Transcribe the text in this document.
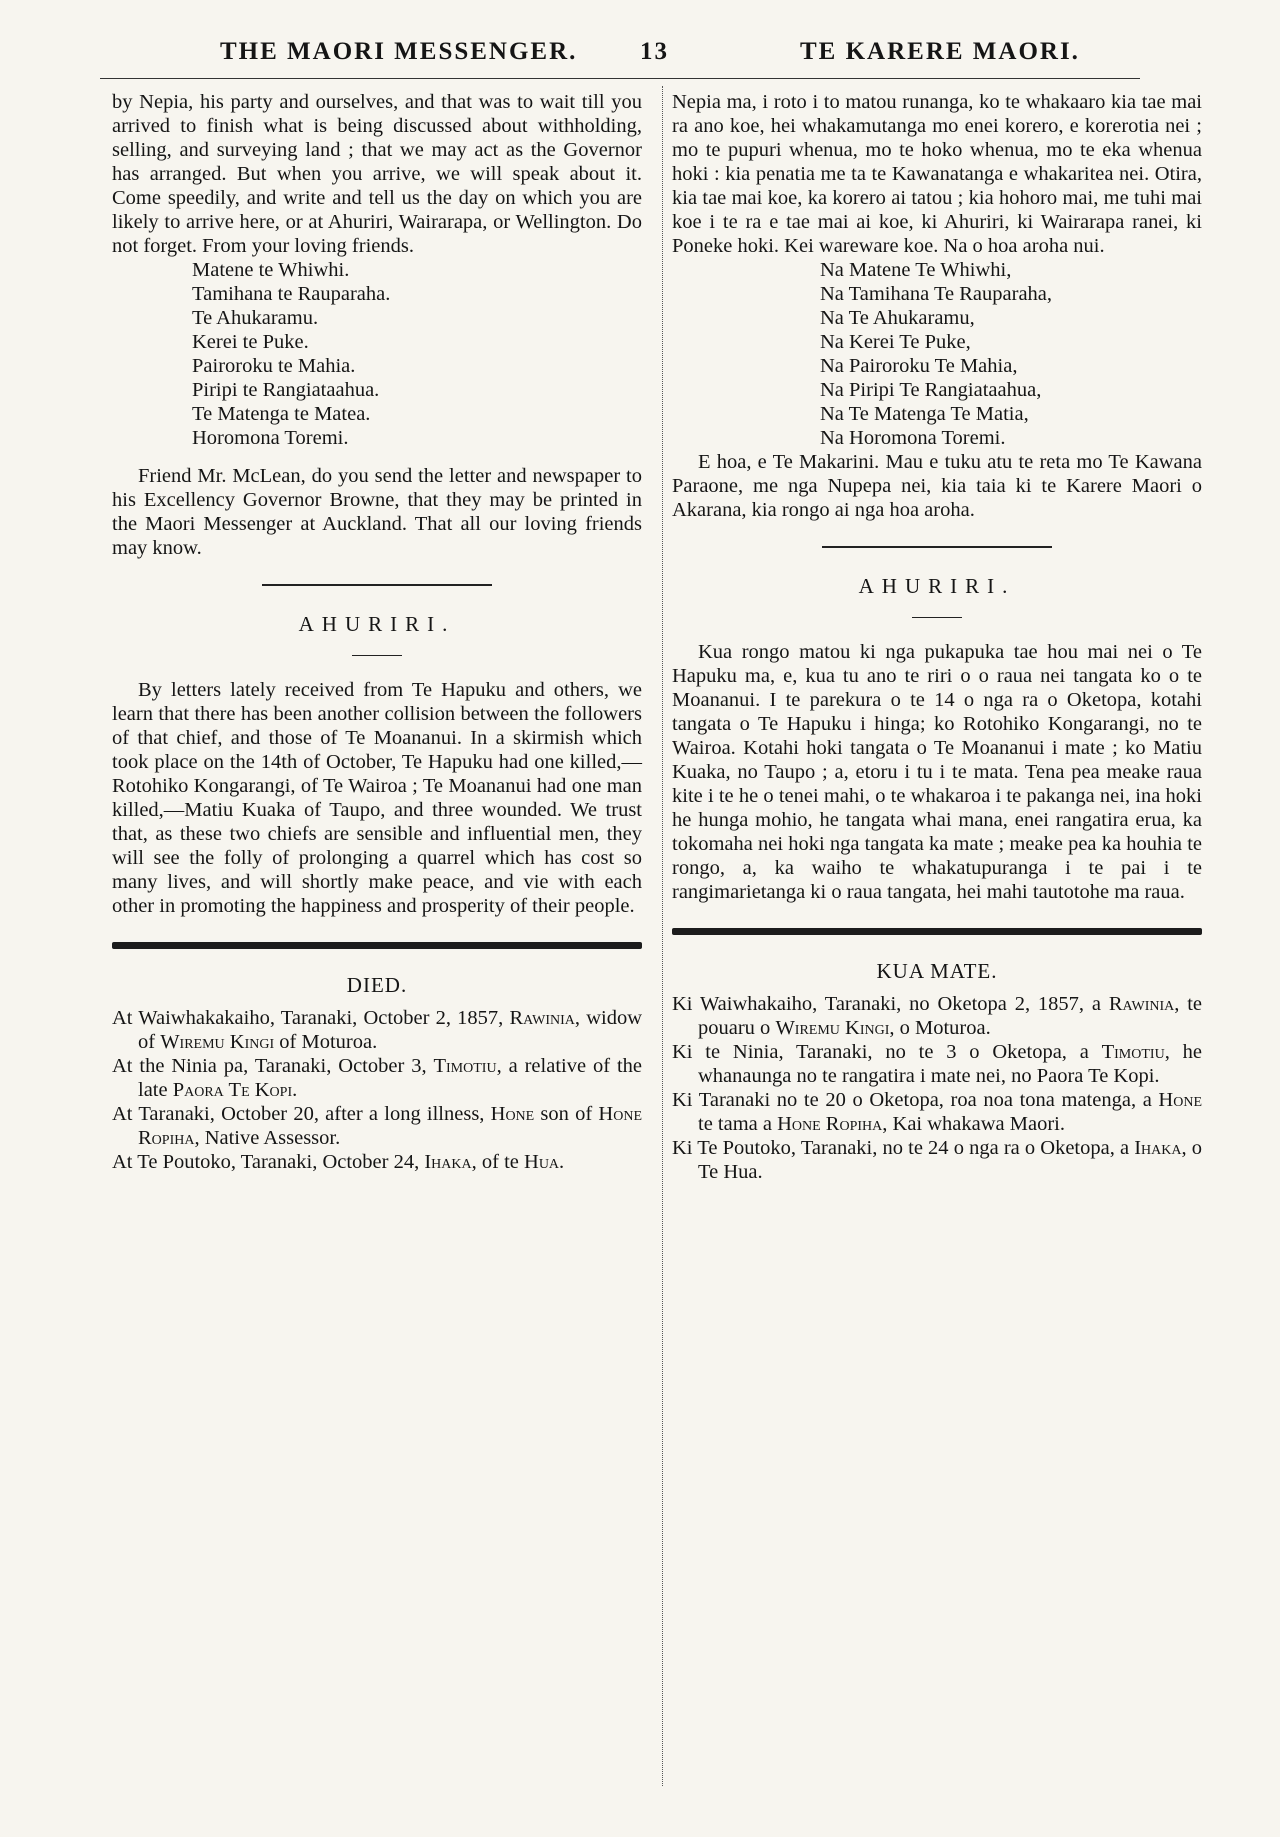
THE MAORI MESSENGER.	13	TE KARERE MAORI.

by Nepia, his party and ourselves, and that was to wait till you arrived to finish what is being discussed about withholding, selling, and surveying land ; that we may act as the Governor has arranged. But when you arrive, we will speak about it. Come speedily, and write and tell us the day on which you are likely to arrive here, or at Ahuriri, Wairarapa, or Wellington. Do not forget. From your loving friends.

Matene te Whiwhi.
Tamihana te Rauparaha.
Te Ahukaramu.
Kerei te Puke.
Pairoroku te Mahia.
Piripi te Rangiataahua.
Te Matenga te Matea.
Horomona Toremi.

Friend Mr. McLean, do you send the letter and newspaper to his Excellency Governor Browne, that they may be printed in the Maori Messenger at Auckland. That all our loving friends may know.

AHURIRI.

By letters lately received from Te Hapuku and others, we learn that there has been another collision between the followers of that chief, and those of Te Moananui. In a skirmish which took place on the 14th of October, Te Hapuku had one killed,—Rotohiko Kongarangi, of Te Wairoa ; Te Moananui had one man killed,—Matiu Kuaka of Taupo, and three wounded. We trust that, as these two chiefs are sensible and influential men, they will see the folly of prolonging a quarrel which has cost so many lives, and will shortly make peace, and vie with each other in promoting the happiness and prosperity of their people.

DIED.

At Waiwhakakaiho, Taranaki, October 2, 1857, Rawinia, widow of Wiremu Kingi of Moturoa.

At the Ninia pa, Taranaki, October 3, Timotiu, a relative of the late Paora Te Kopi.

At Taranaki, October 20, after a long illness, Hone son of Hone Ropiha, Native Assessor.

At Te Poutoko, Taranaki, October 24, Ihaka, of te Hua.

Nepia ma, i roto i to matou runanga, ko te whakaaro kia tae mai ra ano koe, hei whakamutanga mo enei korero, e korerotia nei ; mo te pupuri whenua, mo te hoko whenua, mo te eka whenua hoki : kia penatia me ta te Kawanatanga e whakaritea nei. Otira, kia tae mai koe, ka korero ai tatou ; kia hohoro mai, me tuhi mai koe i te ra e tae mai ai koe, ki Ahuriri, ki Wairarapa ranei, ki Poneke hoki. Kei wareware koe. Na o hoa aroha nui.

Na Matene Te Whiwhi,
Na Tamihana Te Rauparaha,
Na Te Ahukaramu,
Na Kerei Te Puke,
Na Pairoroku Te Mahia,
Na Piripi Te Rangiataahua,
Na Te Matenga Te Matia,
Na Horomona Toremi.

E hoa, e Te Makarini. Mau e tuku atu te reta mo Te Kawana Paraone, me nga Nupepa nei, kia taia ki te Karere Maori o Akarana, kia rongo ai nga hoa aroha.

AHURIRI.

Kua rongo matou ki nga pukapuka tae hou mai nei o Te Hapuku ma, e, kua tu ano te riri o o raua nei tangata ko o te Moananui. I te parekura o te 14 o nga ra o Oketopa, kotahi tangata o Te Hapuku i hinga; ko Rotohiko Kongarangi, no te Wairoa. Kotahi hoki tangata o Te Moananui i mate ; ko Matiu Kuaka, no Taupo ; a, etoru i tu i te mata. Tena pea meake raua kite i te he o tenei mahi, o te whakaroa i te pakanga nei, ina hoki he hunga mohio, he tangata whai mana, enei rangatira erua, ka tokomaha nei hoki nga tangata ka mate ; meake pea ka houhia te rongo, a, ka waiho te whakatupuranga i te pai i te rangimarietanga ki o raua tangata, hei mahi tautotohe ma raua.

KUA MATE.

Ki Waiwhakaiho, Taranaki, no Oketopa 2, 1857, a Rawinia, te pouaru o Wiremu Kingi, o Moturoa.

Ki te Ninia, Taranaki, no te 3 o Oketopa, a Timotiu, he whanaunga no te rangatira i mate nei, no Paora Te Kopi.

Ki Taranaki no te 20 o Oketopa, roa noa tona matenga, a Hone te tama a Hone Ropiha, Kai whakawa Maori.

Ki Te Poutoko, Taranaki, no te 24 o nga ra o Oketopa, a Ihaka, o Te Hua.
